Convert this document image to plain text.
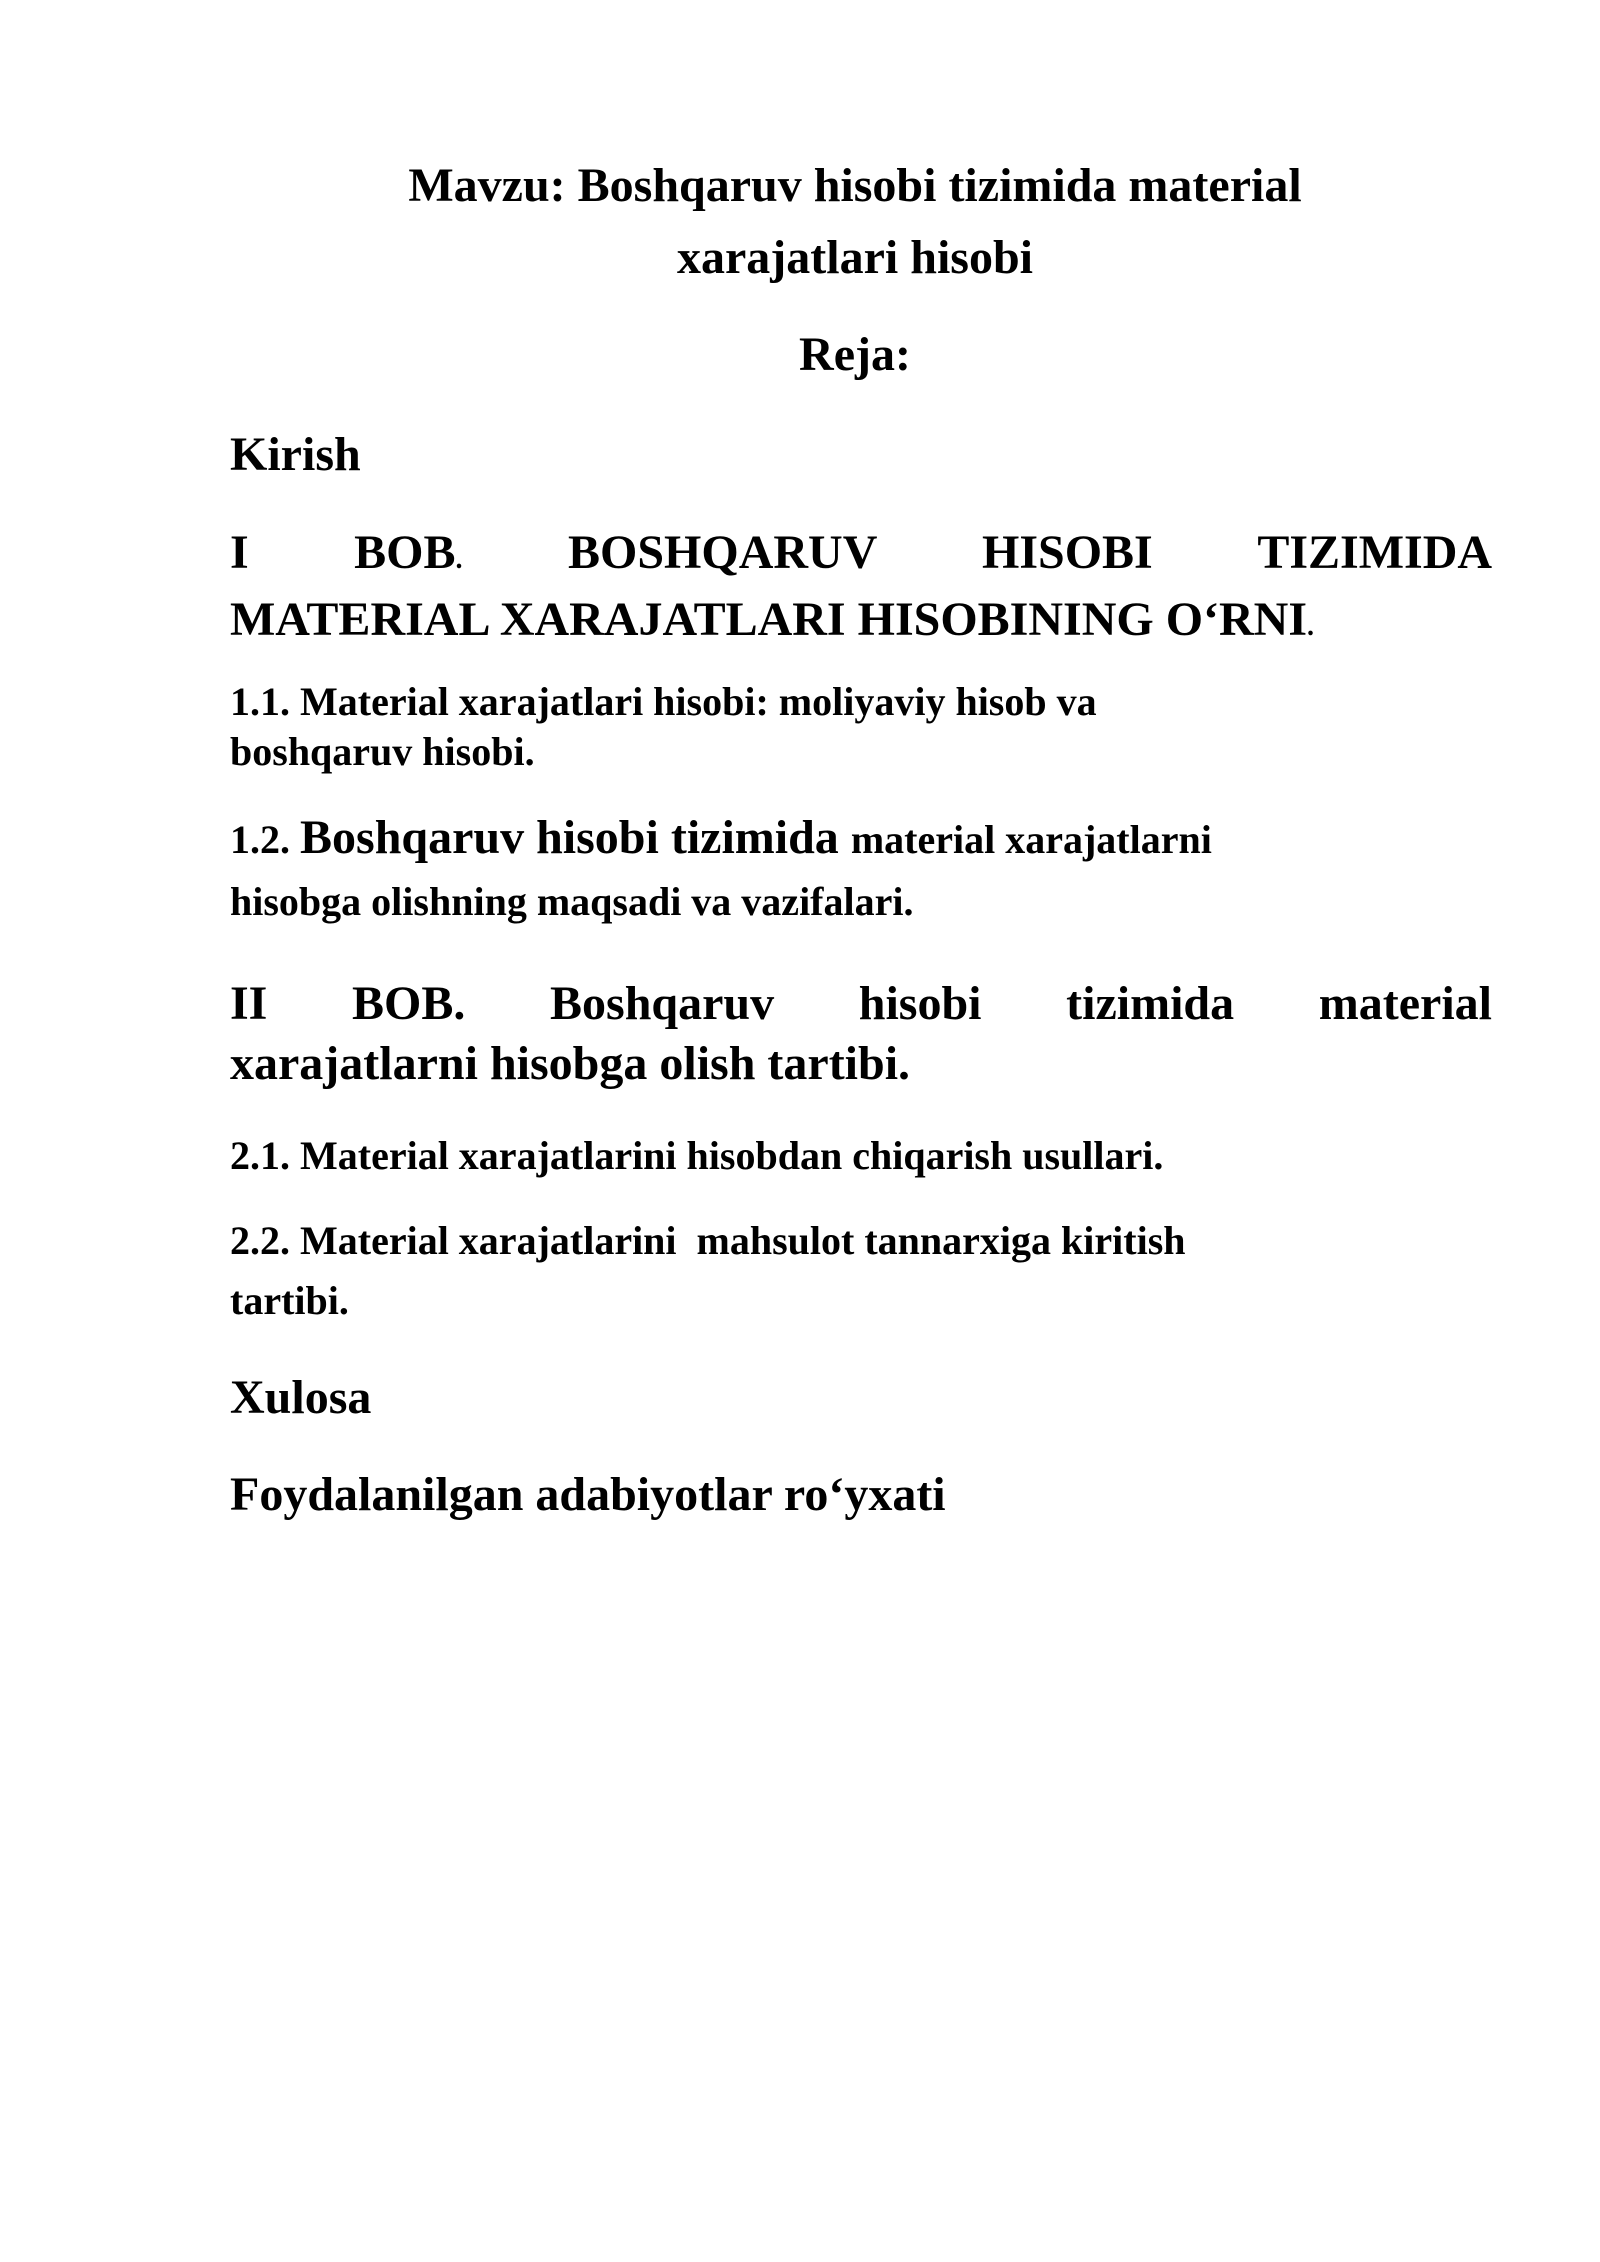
Mavzu: Boshqaruv hisobi tizimida material
xarajatlari hisobi
Reja:
Kirish
I BOB. BOSHQARUV HISOBI TIZIMIDA
MATERIAL XARAJATLARI HISOBINING O‘RNI.
1.1. Material xarajatlari hisobi: moliyaviy hisob va
boshqaruv hisobi.
1.2. Boshqaruv hisobi tizimida material xarajatlarni
hisobga olishning maqsadi va vazifalari.
II BOB. Boshqaruv hisobi tizimida material
xarajatlarni hisobga olish tartibi.
2.1. Material xarajatlarini hisobdan chiqarish usullari.
2.2. Material xarajatlarini  mahsulot tannarxiga kiritish
tartibi.
Xulosa
Foydalanilgan adabiyotlar ro‘yxati
